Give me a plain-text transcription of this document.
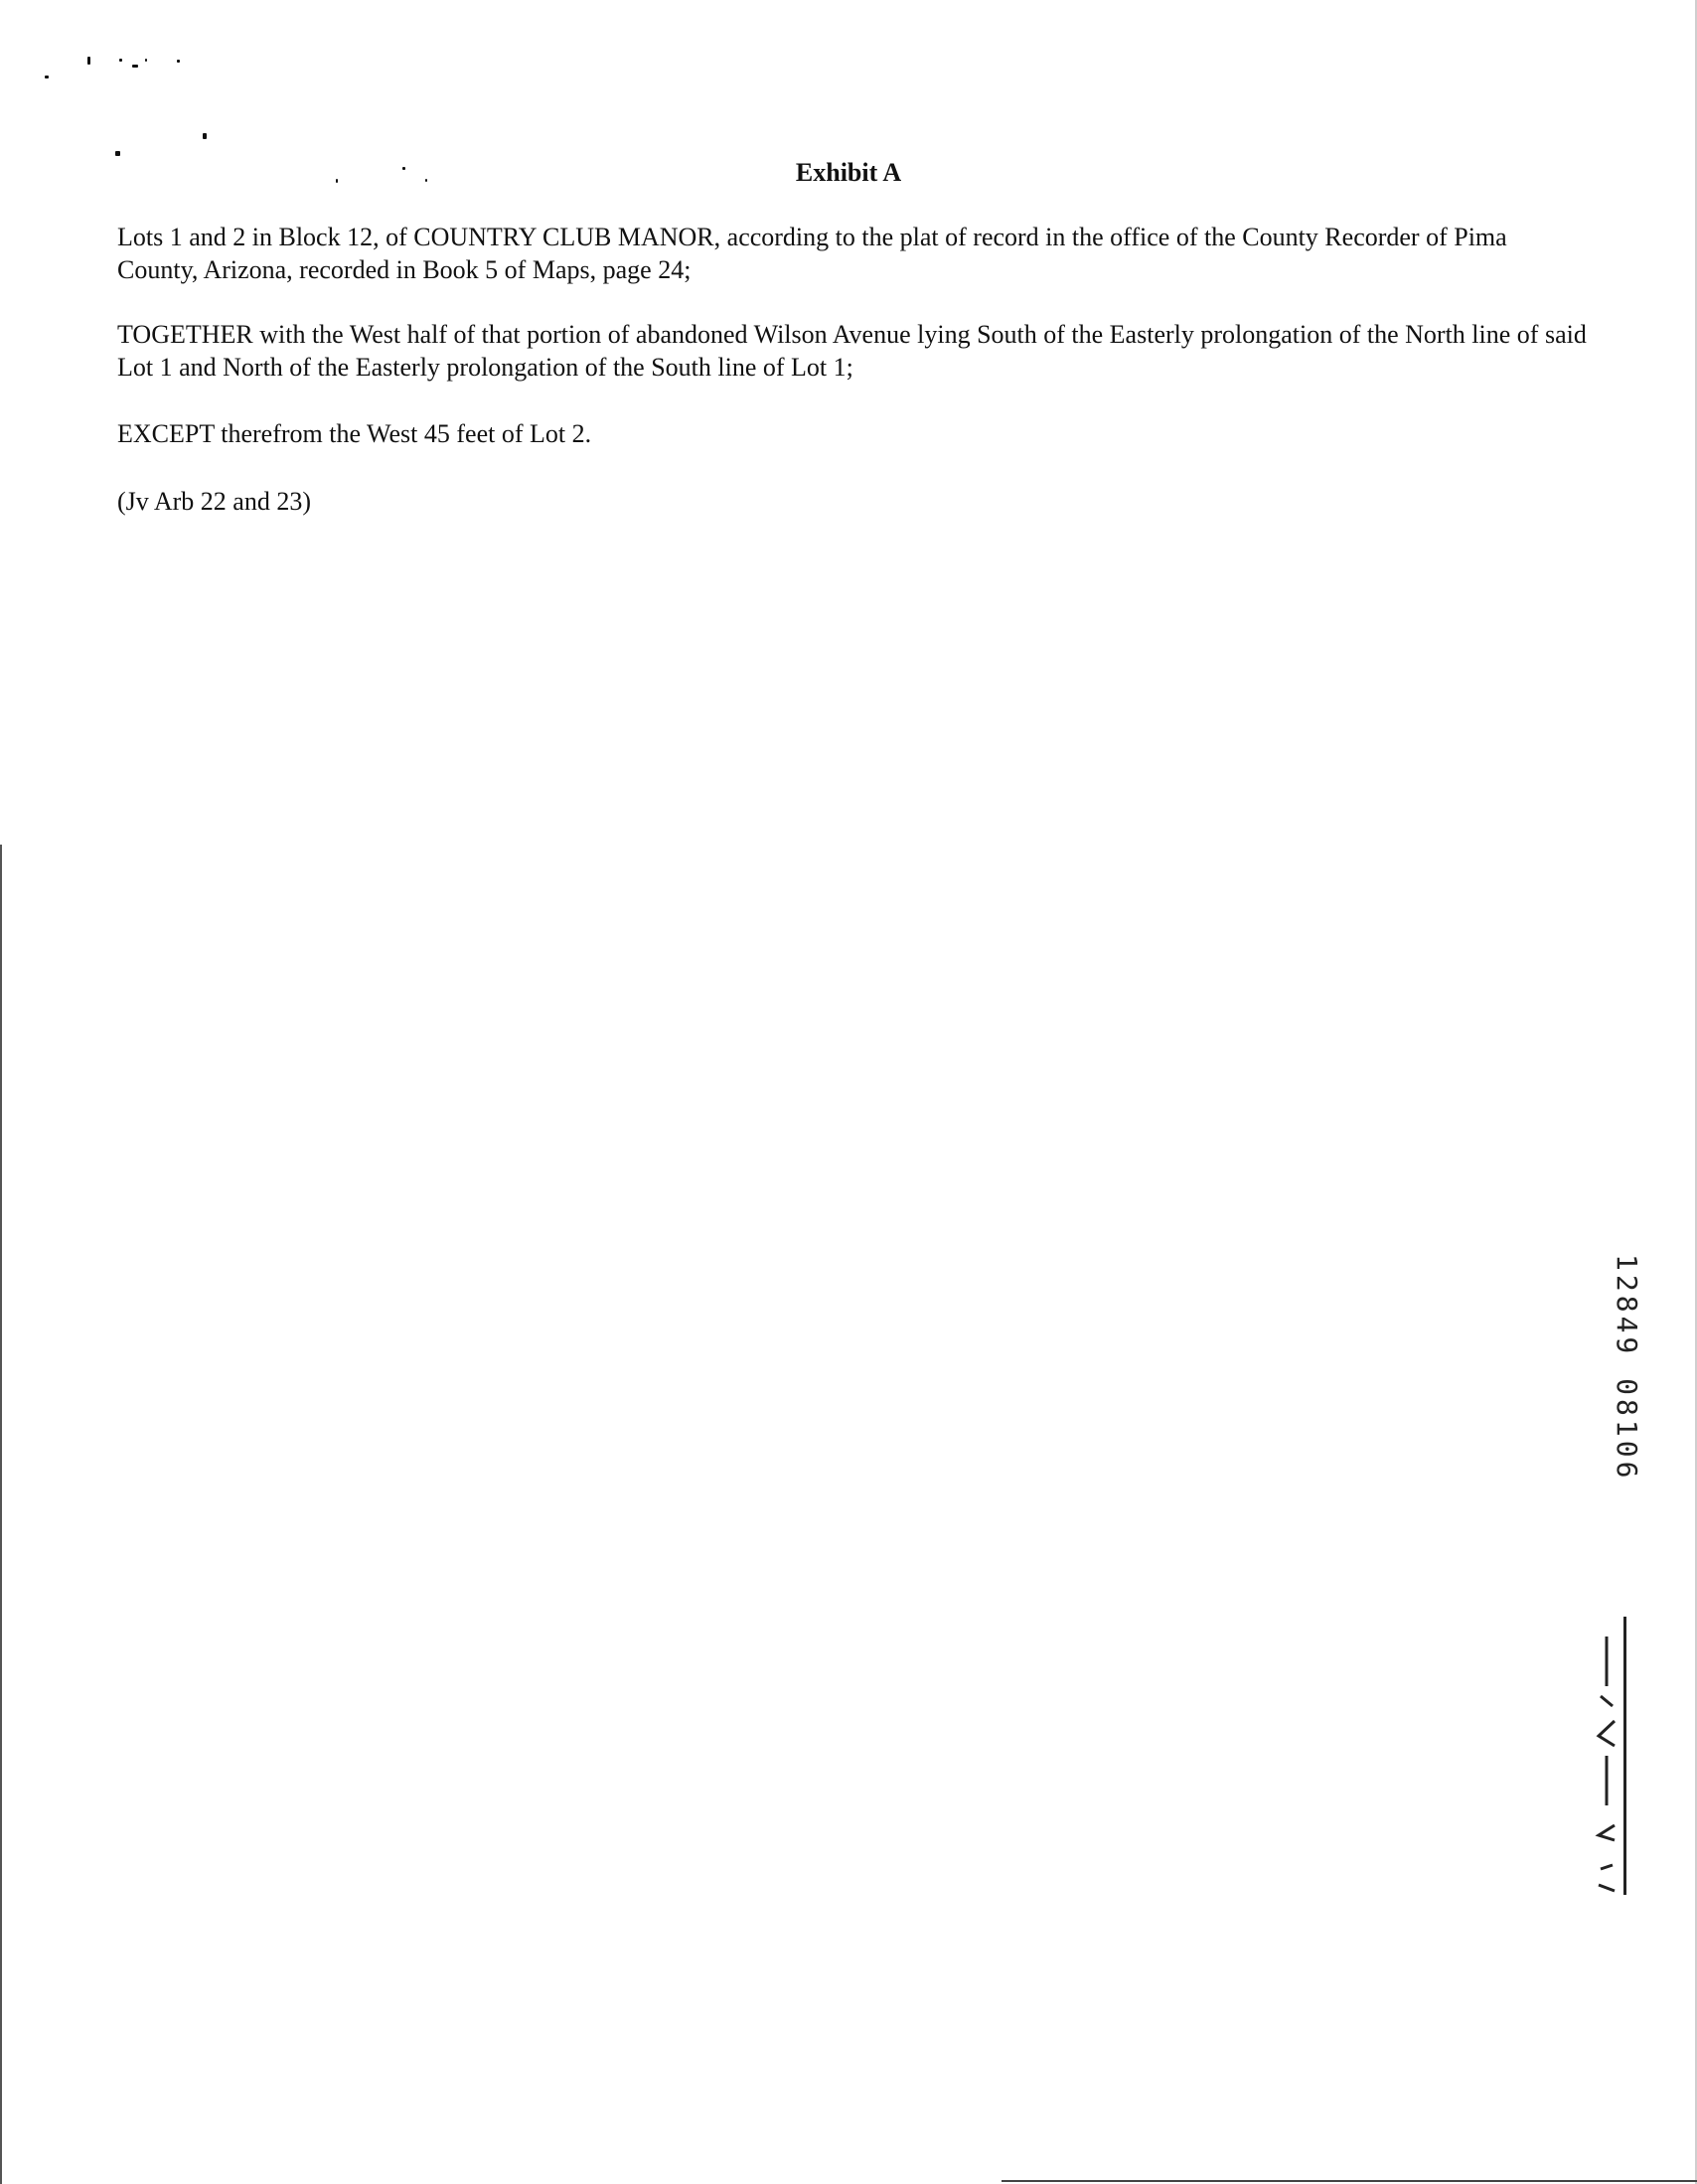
Exhibit A
Lots 1 and 2 in Block 12, of COUNTRY CLUB MANOR, according to the plat of record in the office of the County Recorder of Pima County, Arizona, recorded in Book 5 of Maps, page 24;
TOGETHER with the West half of that portion of abandoned Wilson Avenue lying South of the Easterly prolongation of the North line of said Lot 1 and North of the Easterly prolongation of the South line of Lot 1;
EXCEPT therefrom the West 45 feet of Lot 2.
(Jv Arb 22 and 23)
12849 08106
